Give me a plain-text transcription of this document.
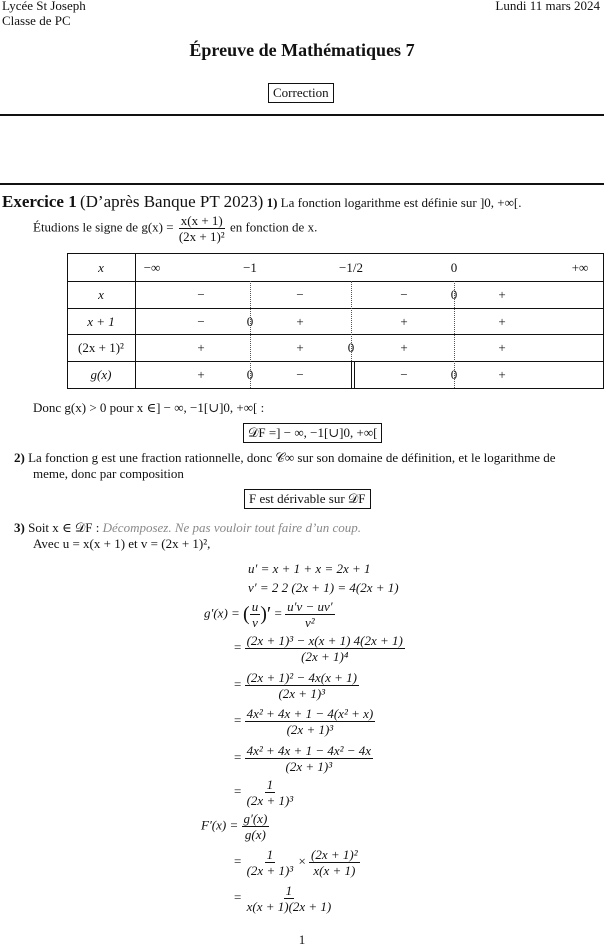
Lycée St Joseph
Classe de PC
Lundi 11 mars 2024
Épreuve de Mathématiques 7
Correction
Exercice 1 (D’après Banque PT 2023) 1) La fonction logarithme est définie sur ]0, +∞[.
Étudions le signe de $g(x) = \frac{x(x + 1)}{\text{(2x + 1)²}}$ en fonction de x.
x	−∞	−1	−1/2	0	+∞
x	−	−	−	0	+
x + 1	−	0	+	+	+
(2x + 1)²	+	+	0	+	+
g(x)	+	0	−	−	0	+
Donc g(x) > 0 pour x ∈] − ∞, −1[∪]0, +∞[ :
𝒟F =] − ∞, −1[∪]0, +∞[
2) La fonction g est une fraction rationnelle, donc 𝒞∞ sur son domaine de définition, et le logarithme de
meme, donc par composition
F est dérivable sur 𝒟F
3) Soit x ∈ 𝒟F : Décomposez. Ne pas vouloir tout faire d’un coup.
Avec u = x(x + 1) et v = (2x + 1)²,
u′ = x + 1 + x = 2x + 1
v′ = 2 2 (2x + 1) = 4(2x + 1)
g′(x) = ( $\frac{u}{v}$ )′ = $\frac{u'v - uv'}{\text{v²}}$
= $\frac{\text{(2x + 1)³ − x(x + 1) 4(2x + 1)}}{\text{(2x + 1)⁴}}$
= $\frac{\text{(2x + 1)² − 4x(x + 1)}}{\text{(2x + 1)³}}$
= $\frac{\text{4x² + 4x + 1 − 4(x² + x)}}{\text{(2x + 1)³}}$
= $\frac{\text{4x² + 4x + 1 − 4x² − 4x}}{\text{(2x + 1)³}}$
= $\frac{1}{\text{(2x + 1)³}}$
$F'(x) = \frac{g'(x)}{g(x)}$
= $\frac{1}{\text{(2x + 1)³}} \times \frac{\text{(2x + 1)²}}{x(x + 1)}$
= $\frac{1}{x(x + 1)(2x + 1)}$
1
